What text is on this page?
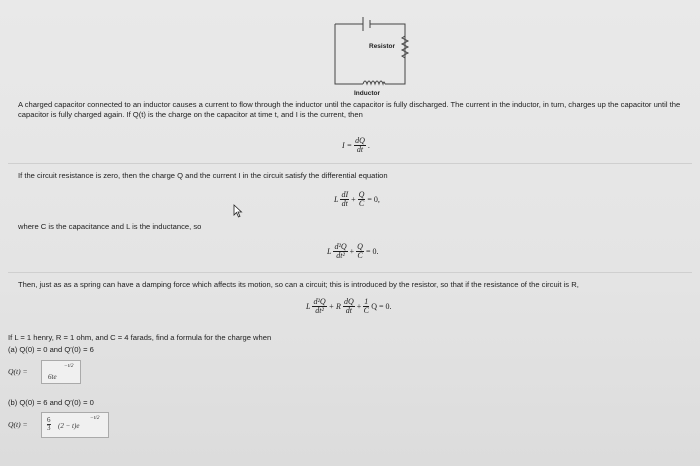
Resistor
Inductor
A charged capacitor connected to an inductor causes a current to flow through the inductor until the capacitor is fully discharged. The current in the inductor, in turn, charges up the capacitor until the capacitor is fully charged again. If Q(t) is the charge on the capacitor at time t, and I is the current, then
$I = \frac{dQ}{dt}$ .
If the circuit resistance is zero, then the charge Q and the current I in the circuit satisfy the differential equation
L $\frac{dI}{dt} + \frac{Q}{C} = 0$,
where C is the capacitance and L is the inductance, so
L $\frac{\text{d²Q}}{\text{dt²}} + \frac{Q}{C} = 0$.
Then, just as as a spring can have a damping force which affects its motion, so can a circuit; this is introduced by the resistor, so that if the resistance of the circuit is R,
L $\frac{\text{d²Q}}{\text{dt²}} + R \frac{dQ}{dt} + \frac{1}{C}$ Q = 0.
If L = 1 henry, R = 1 ohm, and C = 4 farads, find a formula for the charge when
(a) Q(0) = 0 and Q′(0) = 6
Q(t) =
6te
−t/2
(b) Q(0) = 6 and Q′(0) = 0
Q(t) =	6
3 (2 − t)e
−t/2
